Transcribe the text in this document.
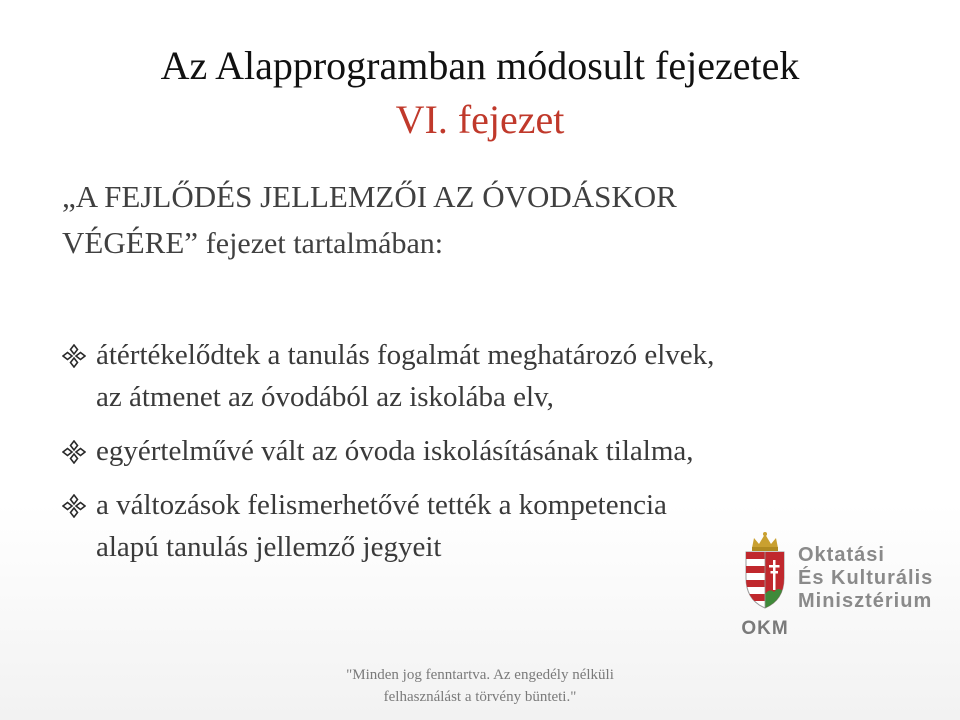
Az Alapprogramban módosult fejezetek
VI. fejezet
„A FEJLŐDÉS JELLEMZŐI AZ ÓVODÁSKOR
VÉGÉRE” fejezet tartalmában:
átértékelődtek a tanulás fogalmát meghatározó elvek,
az átmenet az óvodából az iskolába elv,
egyértelművé vált az óvoda iskolásításának tilalma,
a változások felismerhetővé tették a kompetencia
alapú tanulás jellemző jegyeit	Oktatási
És Kulturális
Minisztérium
OKM
"Minden jog fenntartva. Az engedély nélküli
felhasználást a törvény bünteti."
